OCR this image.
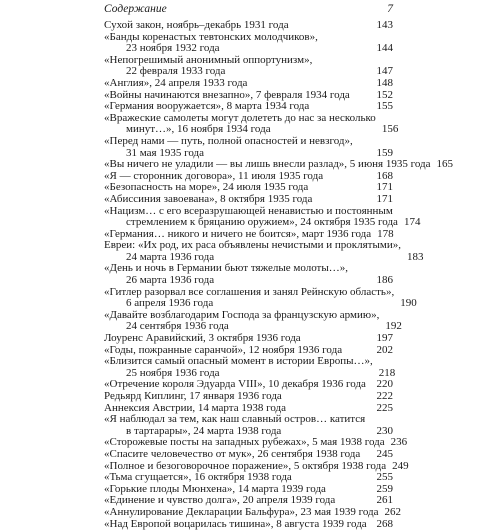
Содержание	7
Сухой закон, ноябрь–декабрь 1931 года	143
«Банды коренастых тевтонских молодчиков»,
23 ноября 1932 года	144
«Непогрешимый анонимный оппортунизм»,
22 февраля 1933 года	147
«Англия», 24 апреля 1933 года	148
«Войны начинаются внезапно», 7 февраля 1934 года	152
«Германия вооружается», 8 марта 1934 года	155
«Вражеские самолеты могут долететь до нас за несколько
минут…», 16 ноября 1934 года	156
«Перед нами — путь, полной опасностей и невзгод»,
31 мая 1935 года	159
«Вы ничего не уладили — вы лишь внесли разлад», 5 июня 1935 года 165
«Я — сторонник договора», 11 июля 1935 года	168
«Безопасность на море», 24 июля 1935 года	171
«Абиссиния завоевана», 8 октября 1935 года	171
«Нацизм… с его всеразрушающей ненавистью и постоянным
стремлением к бряцанию оружием», 24 октября 1935 года 174
«Германия… никого и ничего не боится», март 1936 года 178
Евреи: «Их род, их раса объявлены нечистыми и проклятыми»,
24 марта 1936 года	183
«День и ночь в Германии бьют тяжелые молоты…»,
26 марта 1936 года	186
«Гитлер разорвал все соглашения и занял Рейнскую область»,
6 апреля 1936 года	190
«Давайте возблагодарим Господа за французскую армию»,
24 сентября 1936 года	192
Лоуренс Аравийский, 3 октября 1936 года	197
«Годы, пожранные саранчой», 12 ноября 1936 года	202
«Близится самый опасный момент в истории Европы…»,
25 ноября 1936 года	218
«Отречение короля Эдуарда VIII», 10 декабря 1936 года 220
Редьярд Киплинг, 17 января 1936 года	222
Аннексия Австрии, 14 марта 1938 года	225
«Я наблюдал за тем, как наш славный остров… катится
в тартарары», 24 марта 1938 года	230
«Сторожевые посты на западных рубежах», 5 мая 1938 года 236
«Спасите человечество от мук», 26 сентября 1938 года	245
«Полное и безоговорочное поражение», 5 октября 1938 года 249
«Тьма сгущается», 16 октября 1938 года	255
«Горькие плоды Мюнхена», 14 марта 1939 года	259
«Единение и чувство долга», 20 апреля 1939 года	261
«Аннулирование Декларации Бальфура», 23 мая 1939 года 262
«Над Европой воцарилась тишина», 8 августа 1939 года 268
